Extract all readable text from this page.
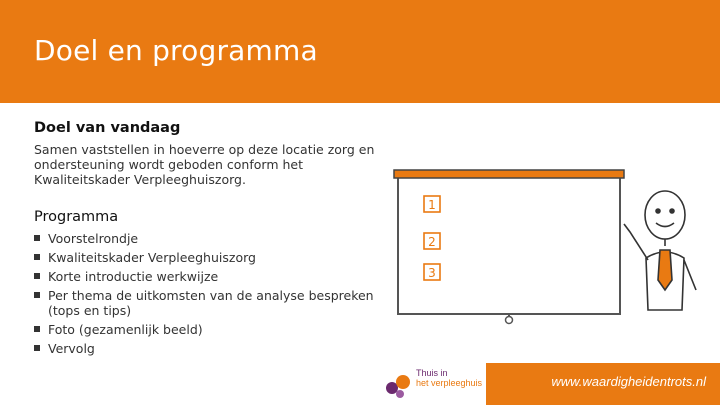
Doel en programma
Doel van vandaag
Samen vaststellen in hoeverre op deze locatie zorg en ondersteuning wordt geboden conform het Kwaliteitskader Verpleeghuiszorg.
Programma
Voorstelrondje
Kwaliteitskader Verpleeghuiszorg
Korte introductie werkwijze
Per thema de uitkomsten van de analyse bespreken (tops en tips)
Foto (gezamenlijk beeld)
Vervolg
1
2
3
www.waardigheidentrots.nl
Thuis in
het verpleeghuis
